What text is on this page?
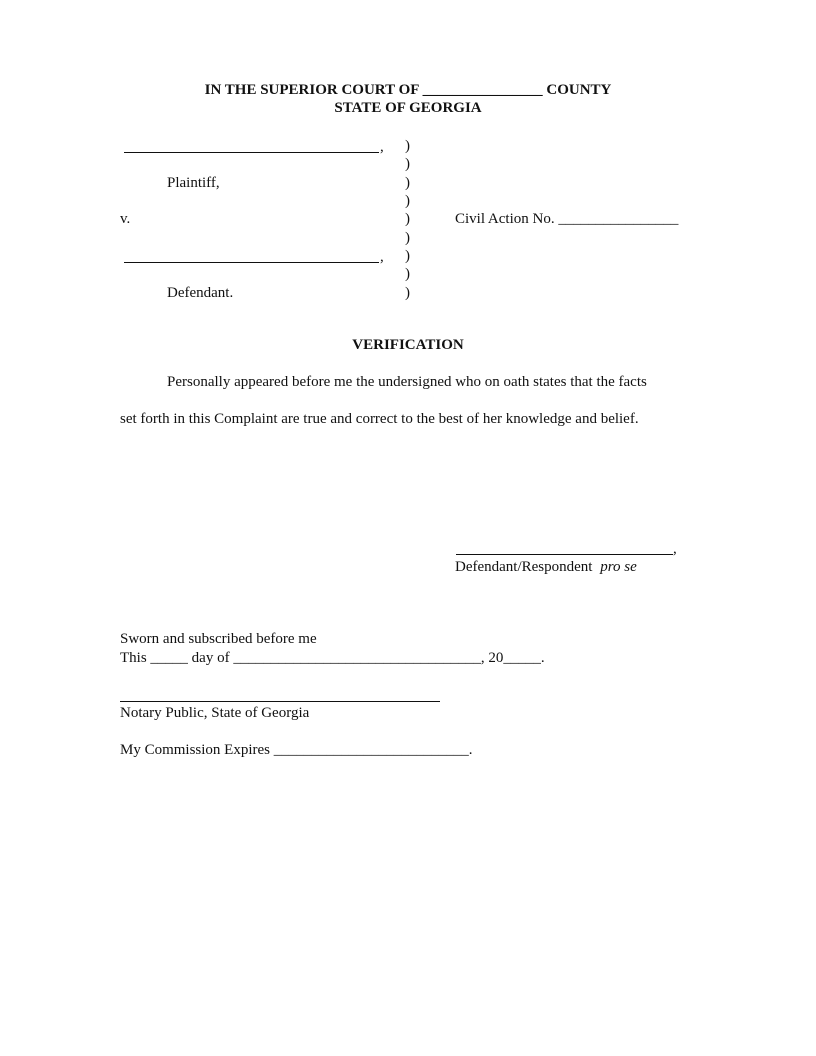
IN THE SUPERIOR COURT OF ________________ COUNTY
STATE OF GEORGIA
,
Plaintiff,
v.
,
Defendant.
)
)
)
)
)
)
)
)
)
Civil Action No. ________________
VERIFICATION
Personally appeared before me the undersigned who on oath states that the facts
set forth in this Complaint are true and correct to the best of her knowledge and belief.
,
Defendant/Respondent pro se
Sworn and subscribed before me
This _____ day of _________________________________, 20_____.
Notary Public, State of Georgia
My Commission Expires __________________________.
